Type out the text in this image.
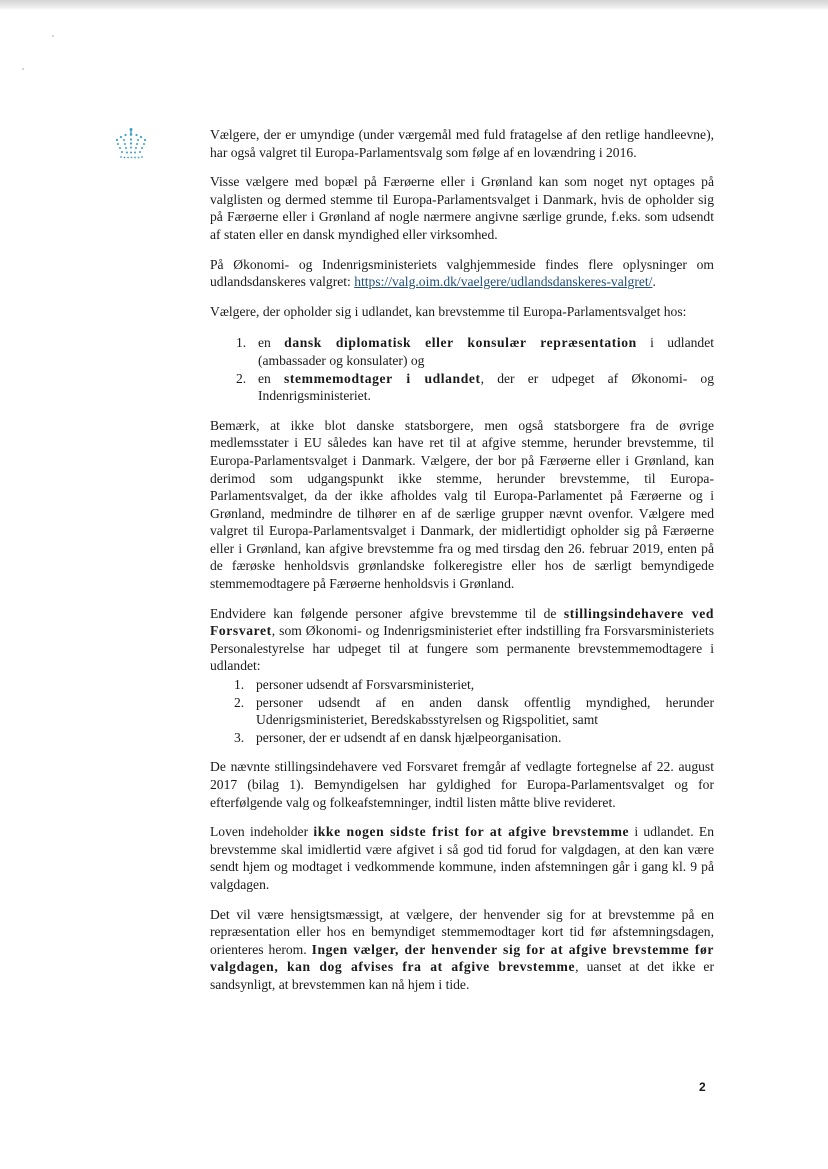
Vælgere, der er umyndige (under værgemål med fuld fratagelse af den retlige handleevne), har også valgret til Europa-Parlamentsvalg som følge af en lovændring i 2016.

Visse vælgere med bopæl på Færøerne eller i Grønland kan som noget nyt optages på valglisten og dermed stemme til Europa-Parlamentsvalget i Danmark, hvis de opholder sig på Færøerne eller i Grønland af nogle nærmere angivne særlige grunde, f.eks. som udsendt af staten eller en dansk myndighed eller virksomhed.

På Økonomi- og Indenrigsministeriets valghjemmeside findes flere oplysninger om udlandsdanskeres valgret: https://valg.oim.dk/vaelgere/udlandsdanskeres-valgret/.

Vælgere, der opholder sig i udlandet, kan brevstemme til Europa-Parlamentsvalget hos:

1. en dansk diplomatisk eller konsulær repræsentation i udlandet (ambassader og konsulater) og
2. en stemmemodtager i udlandet, der er udpeget af Økonomi- og Indenrigsministeriet.

Bemærk, at ikke blot danske statsborgere, men også statsborgere fra de øvrige medlemsstater i EU således kan have ret til at afgive stemme, herunder brevstemme, til Europa-Parlamentsvalget i Danmark. Vælgere, der bor på Færøerne eller i Grønland, kan derimod som udgangspunkt ikke stemme, herunder brevstemme, til Europa-Parlamentsvalget, da der ikke afholdes valg til Europa-Parlamentet på Færøerne og i Grønland, medmindre de tilhører en af de særlige grupper nævnt ovenfor. Vælgere med valgret til Europa-Parlamentsvalget i Danmark, der midlertidigt opholder sig på Færøerne eller i Grønland, kan afgive brevstemme fra og med tirsdag den 26. februar 2019, enten på de færøske henholdsvis grønlandske folkeregistre eller hos de særligt bemyndigede stemmemodtagere på Færøerne henholdsvis i Grønland.

Endvidere kan følgende personer afgive brevstemme til de stillingsindehavere ved Forsvaret, som Økonomi- og Indenrigsministeriet efter indstilling fra Forsvarsministeriets Personalestyrelse har udpeget til at fungere som permanente brevstemmemodtagere i udlandet:

1. personer udsendt af Forsvarsministeriet,
2. personer udsendt af en anden dansk offentlig myndighed, herunder Udenrigsministeriet, Beredskabsstyrelsen og Rigspolitiet, samt
3. personer, der er udsendt af en dansk hjælpeorganisation.

De nævnte stillingsindehavere ved Forsvaret fremgår af vedlagte fortegnelse af 22. august 2017 (bilag 1). Bemyndigelsen har gyldighed for Europa-Parlamentsvalget og for efterfølgende valg og folkeafstemninger, indtil listen måtte blive revideret.

Loven indeholder ikke nogen sidste frist for at afgive brevstemme i udlandet. En brevstemme skal imidlertid være afgivet i så god tid forud for valgdagen, at den kan være sendt hjem og modtaget i vedkommende kommune, inden afstemningen går i gang kl. 9 på valgdagen.

Det vil være hensigtsmæssigt, at vælgere, der henvender sig for at brevstemme på en repræsentation eller hos en bemyndiget stemmemodtager kort tid før afstemningsdagen, orienteres herom. Ingen vælger, der henvender sig for at afgive brevstemme før valgdagen, kan dog afvises fra at afgive brevstemme, uanset at det ikke er sandsynligt, at brevstemmen kan nå hjem i tide.

2
